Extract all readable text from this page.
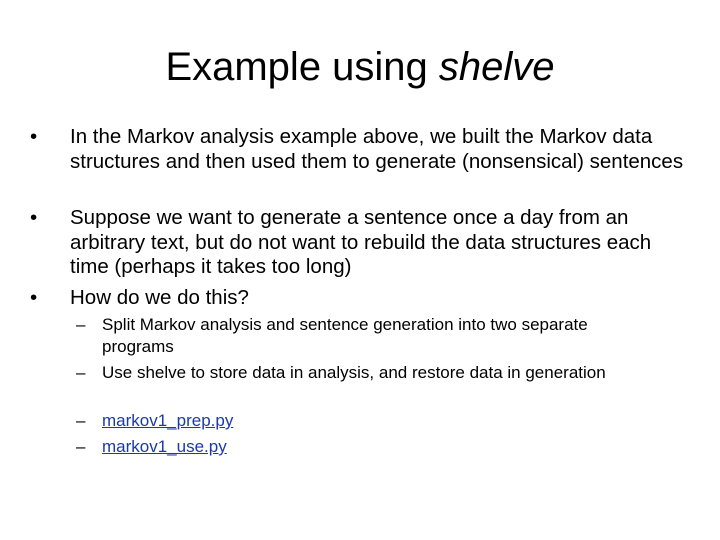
Example using shelve
•	In the Markov analysis example above, we built the Markov data structures and then used them to generate (nonsensical) sentences
•	Suppose we want to generate a sentence once a day from an arbitrary text, but do not want to rebuild the data structures each time (perhaps it takes too long)
•	How do we do this?
– Split Markov analysis and sentence generation into two separate programs
– Use shelve to store data in analysis, and restore data in generation
– markov1_prep.py
– markov1_use.py
